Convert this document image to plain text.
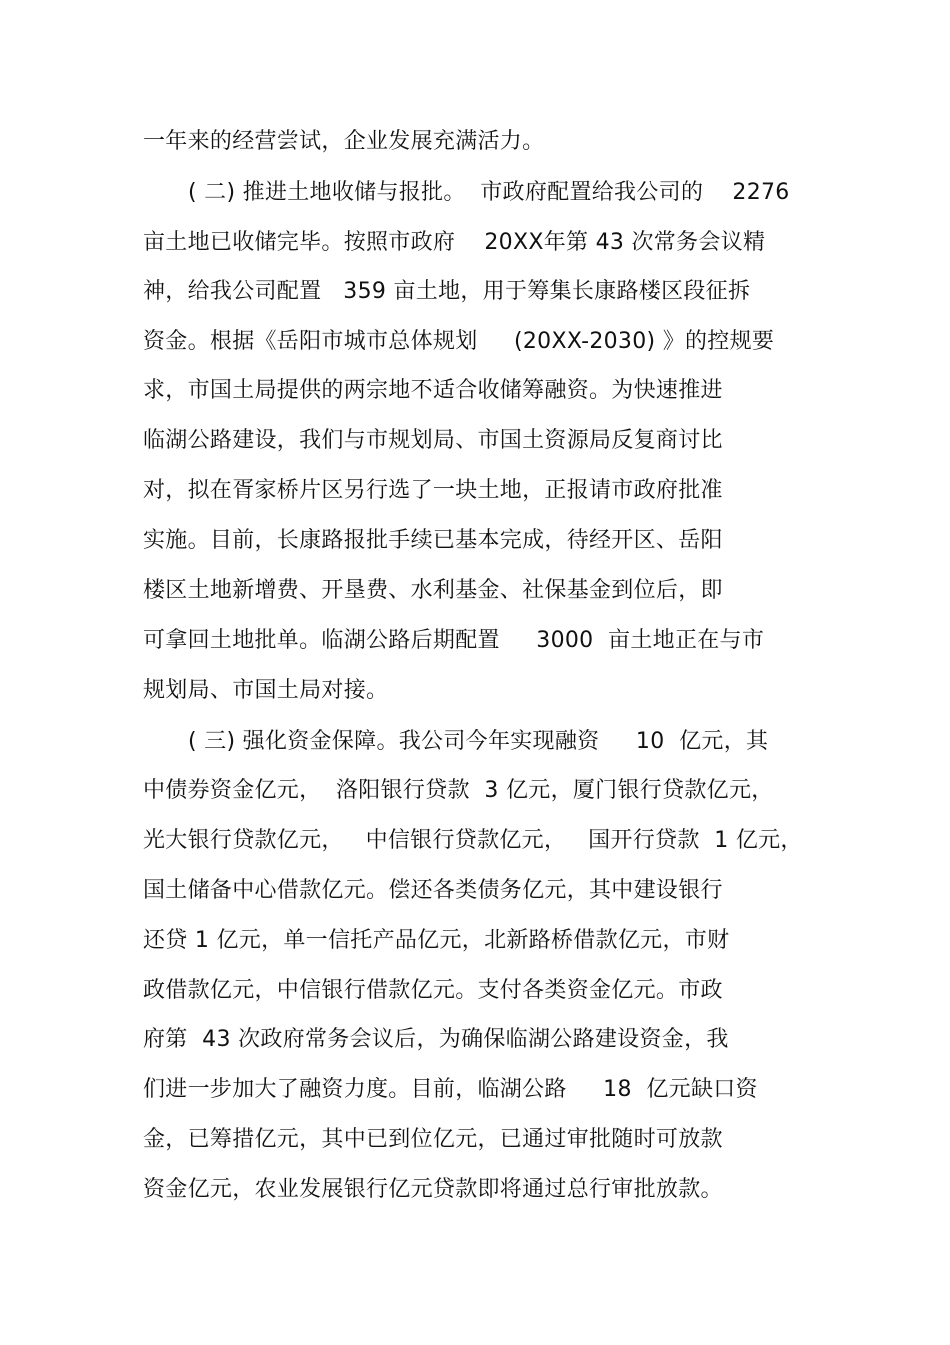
一年来的经营尝试，企业发展充满活力。
( 二) 推进土地收储与报批。  市政府配置给我公司的    2276
亩土地已收储完毕。按照市政府    20XX年第 43 次常务会议精
神，给我公司配置   359 亩土地，用于筹集长康路楼区段征拆
资金。根据《岳阳市城市总体规划     (20XX-2030) 》的控规要
求，市国土局提供的两宗地不适合收储筹融资。为快速推进
临湖公路建设，我们与市规划局、市国土资源局反复商讨比
对，拟在胥家桥片区另行选了一块土地，正报请市政府批准
实施。目前，长康路报批手续已基本完成，待经开区、岳阳
楼区土地新增费、开垦费、水利基金、社保基金到位后，即
可拿回土地批单。临湖公路后期配置     3000  亩土地正在与市
规划局、市国土局对接。
( 三) 强化资金保障。我公司今年实现融资     10  亿元，其
中债券资金亿元，  洛阳银行贷款  3 亿元，厦门银行贷款亿元，
光大银行贷款亿元，   中信银行贷款亿元，   国开行贷款  1 亿元，
国土储备中心借款亿元。偿还各类债务亿元，其中建设银行
还贷 1 亿元，单一信托产品亿元，北新路桥借款亿元，市财
政借款亿元，中信银行借款亿元。支付各类资金亿元。市政
府第  43 次政府常务会议后，为确保临湖公路建设资金，我
们进一步加大了融资力度。目前，临湖公路     18  亿元缺口资
金，已筹措亿元，其中已到位亿元，已通过审批随时可放款
资金亿元，农业发展银行亿元贷款即将通过总行审批放款。
